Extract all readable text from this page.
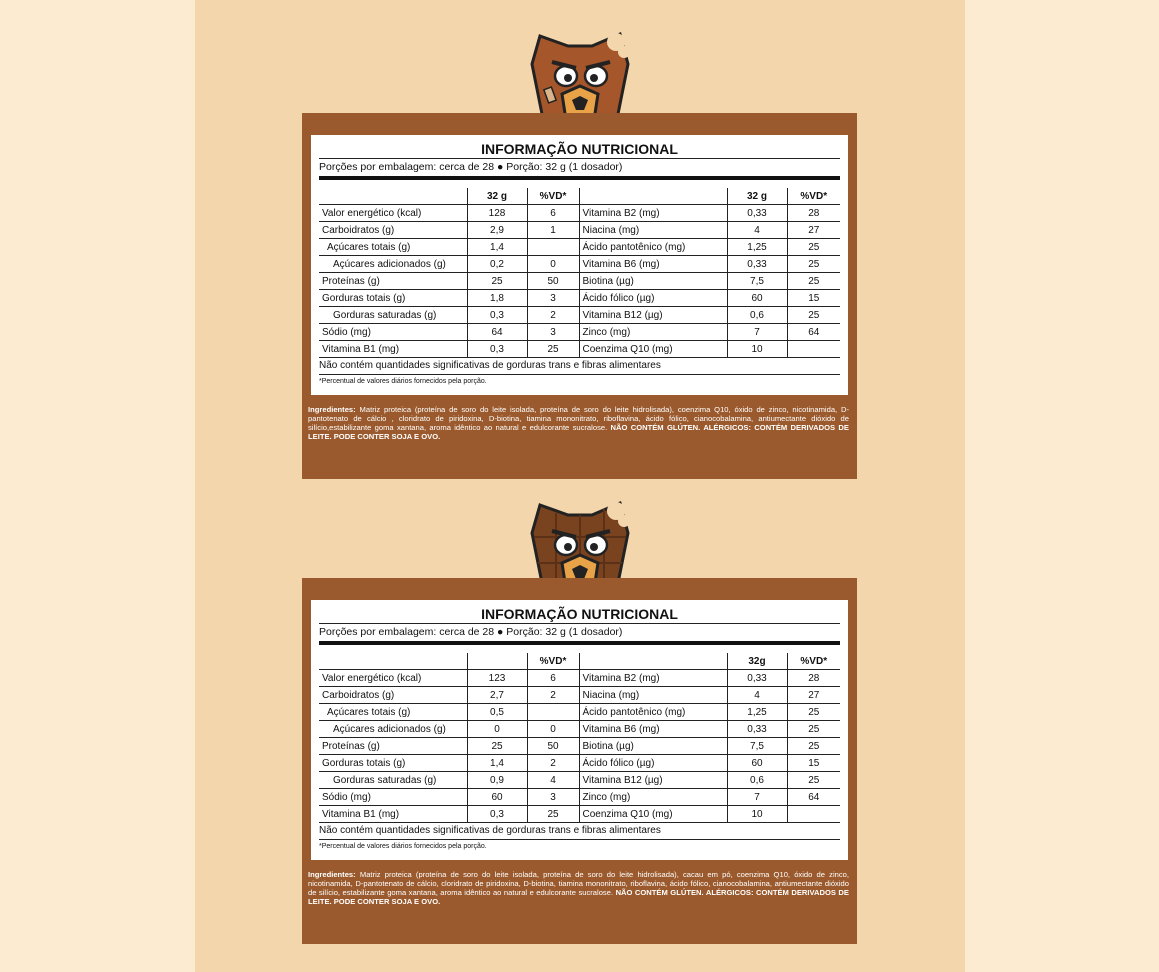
INFORMAÇÃO NUTRICIONAL
Porções por embalagem: cerca de 28 ● Porção: 32 g (1 dosador)
	32 g	%VD*		32 g	%VD*
Valor energético (kcal)	128	6	Vitamina B2 (mg)	0,33	28
Carboidratos (g)	2,9	1	Niacina (mg)	4	27
Açúcares totais (g)	1,4		Ácido pantotênico (mg)	1,25	25
Açúcares adicionados (g)	0,2	0	Vitamina B6 (mg)	0,33	25
Proteínas (g)	25	50	Biotina (µg)	7,5	25
Gorduras totais (g)	1,8	3	Ácido fólico (µg)	60	15
Gorduras saturadas (g)	0,3	2	Vitamina B12 (µg)	0,6	25
Sódio (mg)	64	3	Zinco (mg)	7	64
Vitamina B1 (mg)	0,3	25	Coenzima Q10 (mg)	10	
Não contém quantidades significativas de gorduras trans e fibras alimentares
*Percentual de valores diários fornecidos pela porção.
Ingredientes: Matriz proteica (proteína de soro do leite isolada, proteína de soro do leite hidrolisada), coenzima Q10, óxido de zinco, nicotinamida, D-pantotenato de cálcio , cloridrato de piridoxina, D-biotina, tiamina mononitrato, riboflavina, ácido fólico, cianocobalamina, antiumectante dióxido de silício,estabilizante goma xantana, aroma idêntico ao natural e edulcorante sucralose. NÃO CONTÉM GLÚTEN. ALÉRGICOS: CONTÉM DERIVADOS DE LEITE. PODE CONTER SOJA E OVO.
INFORMAÇÃO NUTRICIONAL
Porções por embalagem: cerca de 28 ● Porção: 32 g (1 dosador)
		%VD*		32g	%VD*
Valor energético (kcal)	123	6	Vitamina B2 (mg)	0,33	28
Carboidratos (g)	2,7	2	Niacina (mg)	4	27
Açúcares totais (g)	0,5		Ácido pantotênico (mg)	1,25	25
Açúcares adicionados (g)	0	0	Vitamina B6 (mg)	0,33	25
Proteínas (g)	25	50	Biotina (µg)	7,5	25
Gorduras totais (g)	1,4	2	Ácido fólico (µg)	60	15
Gorduras saturadas (g)	0,9	4	Vitamina B12 (µg)	0,6	25
Sódio (mg)	60	3	Zinco (mg)	7	64
Vitamina B1 (mg)	0,3	25	Coenzima Q10 (mg)	10	
Não contém quantidades significativas de gorduras trans e fibras alimentares
*Percentual de valores diários fornecidos pela porção.
Ingredientes: Matriz proteica (proteína de soro do leite isolada, proteína de soro do leite hidrolisada), cacau em pó, coenzima Q10, óxido de zinco, nicotinamida, D-pantotenato de cálcio, cloridrato de piridoxina, D-biotina, tiamina mononitrato, riboflavina, ácido fólico, cianocobalamina, antiumectante dióxido de silício, estabilizante goma xantana, aroma idêntico ao natural e edulcorante sucralose. NÃO CONTÉM GLÚTEN. ALÉRGICOS: CONTÉM DERIVADOS DE LEITE. PODE CONTER SOJA E OVO.
